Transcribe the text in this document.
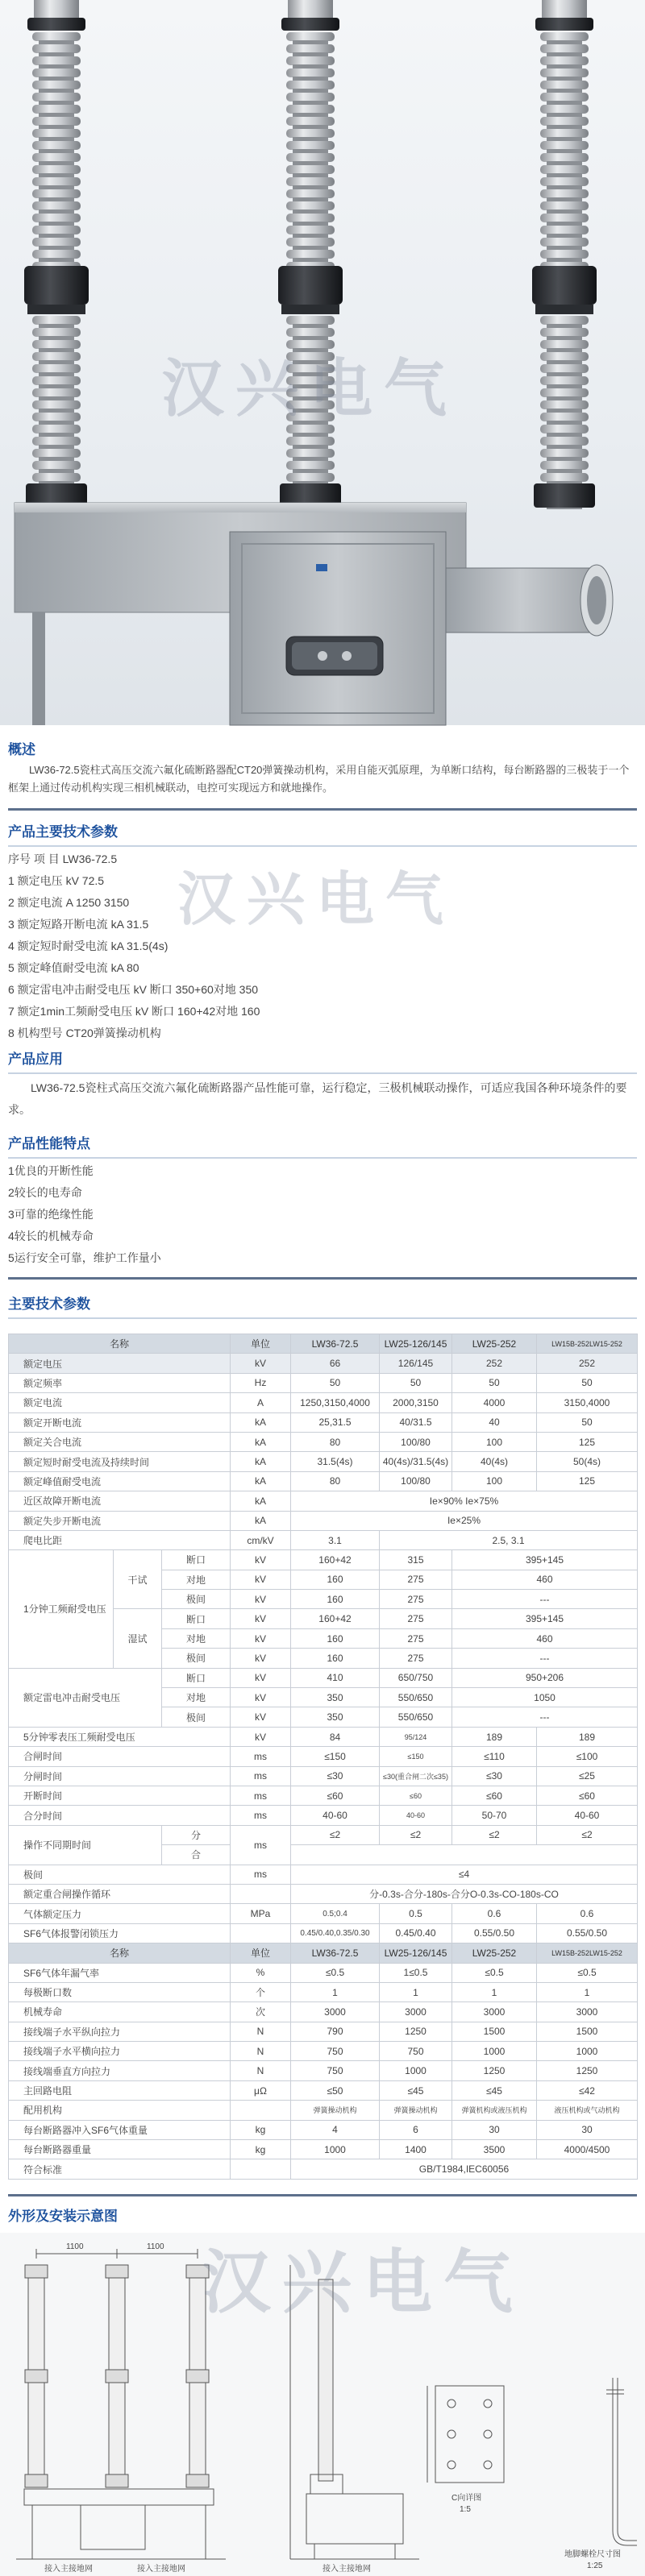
汉兴电气
概述
LW36-72.5瓷柱式高压交流六氟化硫断路器配CT20弹簧操动机构，采用自能灭弧原理，为单断口结构，每台断路器的三极装于一个框架上通过传动机构实现三相机械联动，电控可实现远方和就地操作。
产品主要技术参数
序号 项 目 LW36-72.5
1 额定电压 kV 72.5
2 额定电流 A 1250 3150
3 额定短路开断电流 kA 31.5
4 额定短时耐受电流 kA 31.5(4s)
5 额定峰值耐受电流 kA 80
6 额定雷电冲击耐受电压 kV 断口 350+60对地 350
7 额定1min工频耐受电压 kV 断口 160+42对地 160
8 机构型号 CT20弹簧操动机构
汉兴电气
产品应用
LW36-72.5瓷柱式高压交流六氟化硫断路器产品性能可靠，运行稳定，三极机械联动操作，可适应我国各种环境条件的要求。
产品性能特点
1优良的开断性能
2较长的电寿命
3可靠的绝缘性能
4较长的机械寿命
5运行安全可靠，维护工作量小
主要技术参数
名称			单位	LW36-72.5	LW25-126/145	LW25-252	LW15B-252LW15-252
额定电压			kV	66	126/145	252	252
额定频率			Hz	50	50	50	50
额定电流			A	1250,3150,4000	2000,3150	4000	3150,4000
额定开断电流			kA	25,31.5	40/31.5	40	50
额定关合电流			kA	80	100/80	100	125
额定短时耐受电流及持续时间			kA	31.5(4s)	40(4s)/31.5(4s)	40(4s)	50(4s)
额定峰值耐受电流			kA	80	100/80	100	125
近区故障开断电流			kA	Ie×90% Ie×75%			
额定失步开断电流			kA	Ie×25%			
爬电比距			cm/kV	3.1	2.5, 3.1		
1分钟工频耐受电压	干试	断口	kV	160+42	315	395+145	
		对地	kV	160	275	460	
		极间	kV	160	275	---	
	湿试	断口	kV	160+42	275	395+145	
		对地	kV	160	275	460	
		极间	kV	160	275	---	
额定雷电冲击耐受电压		断口	kV	410	650/750	950+206	
		对地	kV	350	550/650	1050	
		极间	kV	350	550/650	---	
5分钟零表压工频耐受电压			kV	84	95/124	189	189
合闸时间			ms	≤150	≤150	≤110	≤100
分闸时间			ms	≤30	≤30(重合闸二次≤35)	≤30	≤25
开断时间			ms	≤60	≤60	≤60	≤60
合分时间			ms	40-60	40-60	50-70	40-60
操作不同期时间		分	ms	≤2	≤2	≤2	≤2
		合					
极间			ms	≤4			
额定重合闸操作循环				分-0.3s-合分-180s-合分O-0.3s-CO-180s-CO			
气体额定压力			MPa	0.5;0.4	0.5	0.6	0.6
SF6气体报警闭锁压力				0.45/0.40,0.35/0.30	0.45/0.40	0.55/0.50	0.55/0.50
名称			单位	LW36-72.5	LW25-126/145	LW25-252	LW15B-252LW15-252
SF6气体年漏气率			%	≤0.5	1≤0.5	≤0.5	≤0.5
每极断口数			个	1	1	1	1
机械寿命			次	3000	3000	3000	3000
接线端子水平纵向拉力			N	790	1250	1500	1500
接线端子水平横向拉力			N	750	750	1000	1000
接线端垂直方向拉力			N	750	1000	1250	1250
主回路电阻			μΩ	≤50	≤45	≤45	≤42
配用机构				弹簧操动机构	弹簧操动机构	弹簧机构或液压机构	液压机构或气动机构
每台断路器冲入SF6气体重量			kg	4	6	30	30
每台断路器重量			kg	1000	1400	3500	4000/4500
符合标准				GB/T1984,IEC60056			
外形及安装示意图
1100	1100
接入主接地网	接入主接地网	接入主接地网
C向详图
1:5
地脚螺栓尺寸图
1:25
汉兴电气
